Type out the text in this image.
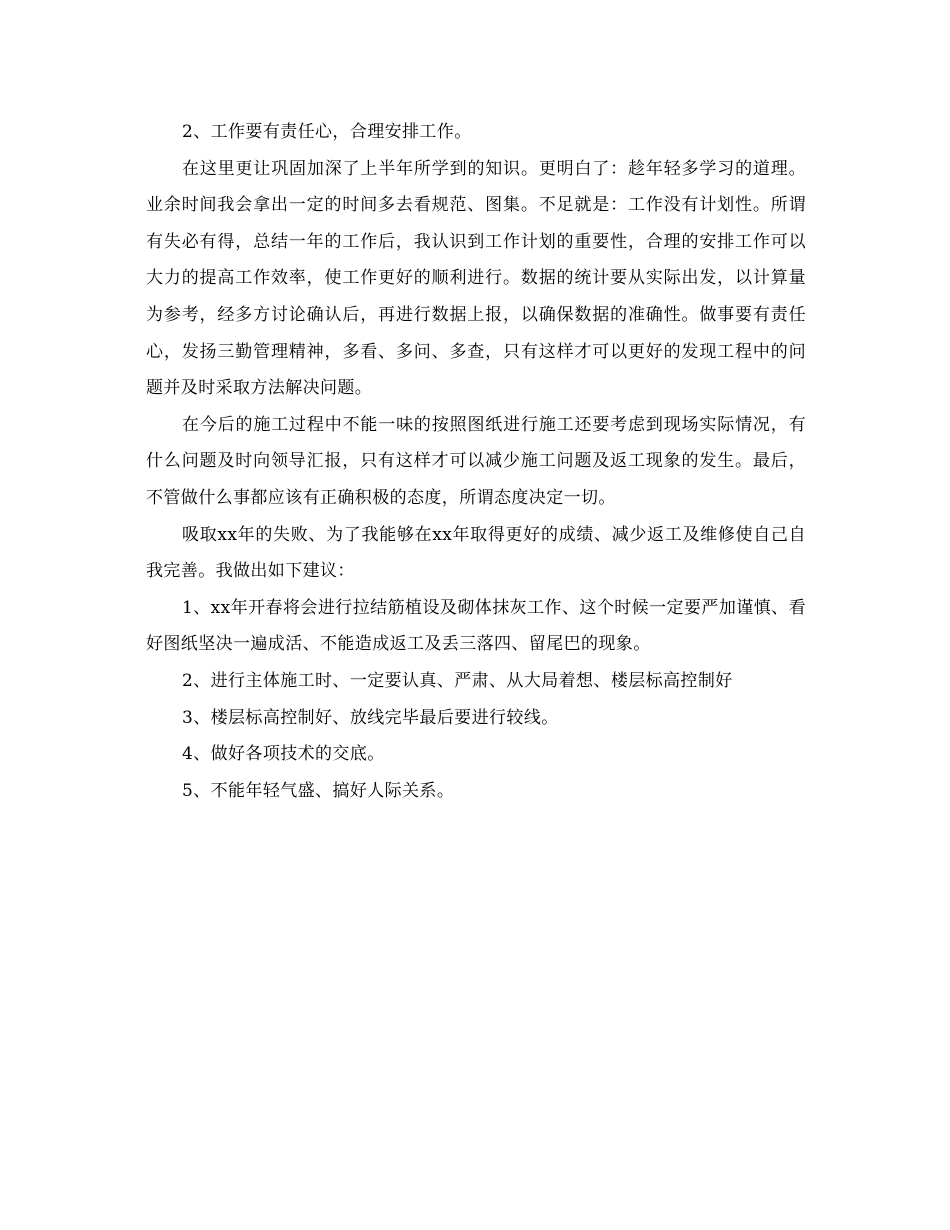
2、工作要有责任心，合理安排工作。

在这里更让巩固加深了上半年所学到的知识。更明白了：趁年轻多学习的道理。业余时间我会拿出一定的时间多去看规范、图集。不足就是：工作没有计划性。所谓有失必有得，总结一年的工作后，我认识到工作计划的重要性，合理的安排工作可以大力的提高工作效率，使工作更好的顺利进行。数据的统计要从实际出发，以计算量为参考，经多方讨论确认后，再进行数据上报，以确保数据的准确性。做事要有责任心，发扬三勤管理精神，多看、多问、多查，只有这样才可以更好的发现工程中的问题并及时采取方法解决问题。

在今后的施工过程中不能一味的按照图纸进行施工还要考虑到现场实际情况，有什么问题及时向领导汇报，只有这样才可以减少施工问题及返工现象的发生。最后，不管做什么事都应该有正确积极的态度，所谓态度决定一切。

吸取xx年的失败、为了我能够在xx年取得更好的成绩、减少返工及维修使自己自我完善。我做出如下建议：

1、xx年开春将会进行拉结筋植设及砌体抹灰工作、这个时候一定要严加谨慎、看好图纸坚决一遍成活、不能造成返工及丢三落四、留尾巴的现象。

2、进行主体施工时、一定要认真、严肃、从大局着想、楼层标高控制好

3、楼层标高控制好、放线完毕最后要进行较线。

4、做好各项技术的交底。

5、不能年轻气盛、搞好人际关系。
